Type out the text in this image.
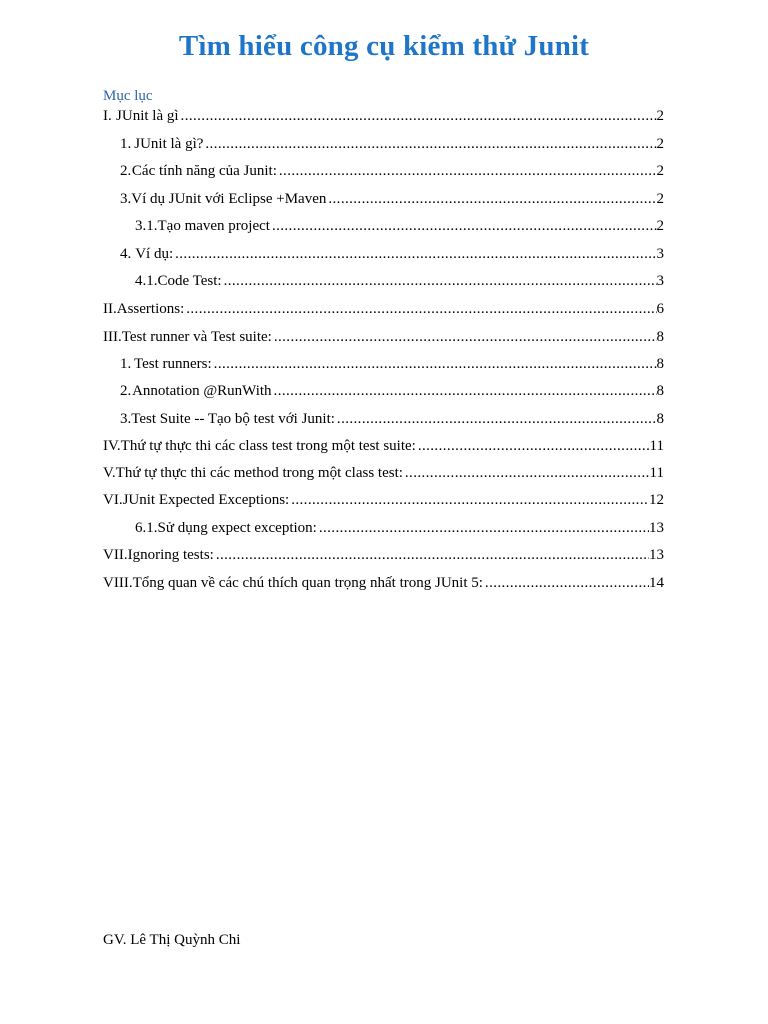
Tìm hiểu công cụ kiểm thử Junit
Mục lục
I. JUnit là gì .....	2
1. JUnit là gì? .....	2
2. Các tính năng của Junit: .....	2
3. Ví dụ JUnit với Eclipse +Maven .....	2
3.1. Tạo maven project .....	2
4. Ví dụ: .....	3
4.1. Code Test: .....	3
II. Assertions: .....	6
III. Test runner và Test suite: .....	8
1. Test runners: .....	8
2. Annotation @RunWith .....	8
3. Test Suite -- Tạo bộ test với Junit: .....	8
IV. Thứ tự thực thi các class test trong một test suite: .....	11
V. Thứ tự thực thi các method trong một class test: .....	11
VI. JUnit Expected Exceptions: .....	12
6.1. Sử dụng expect exception: .....	13
VII. Ignoring tests: .....	13
VIII. Tổng quan về các chú thích quan trọng nhất trong JUnit 5: .....	14
GV. Lê Thị Quỳnh Chi
